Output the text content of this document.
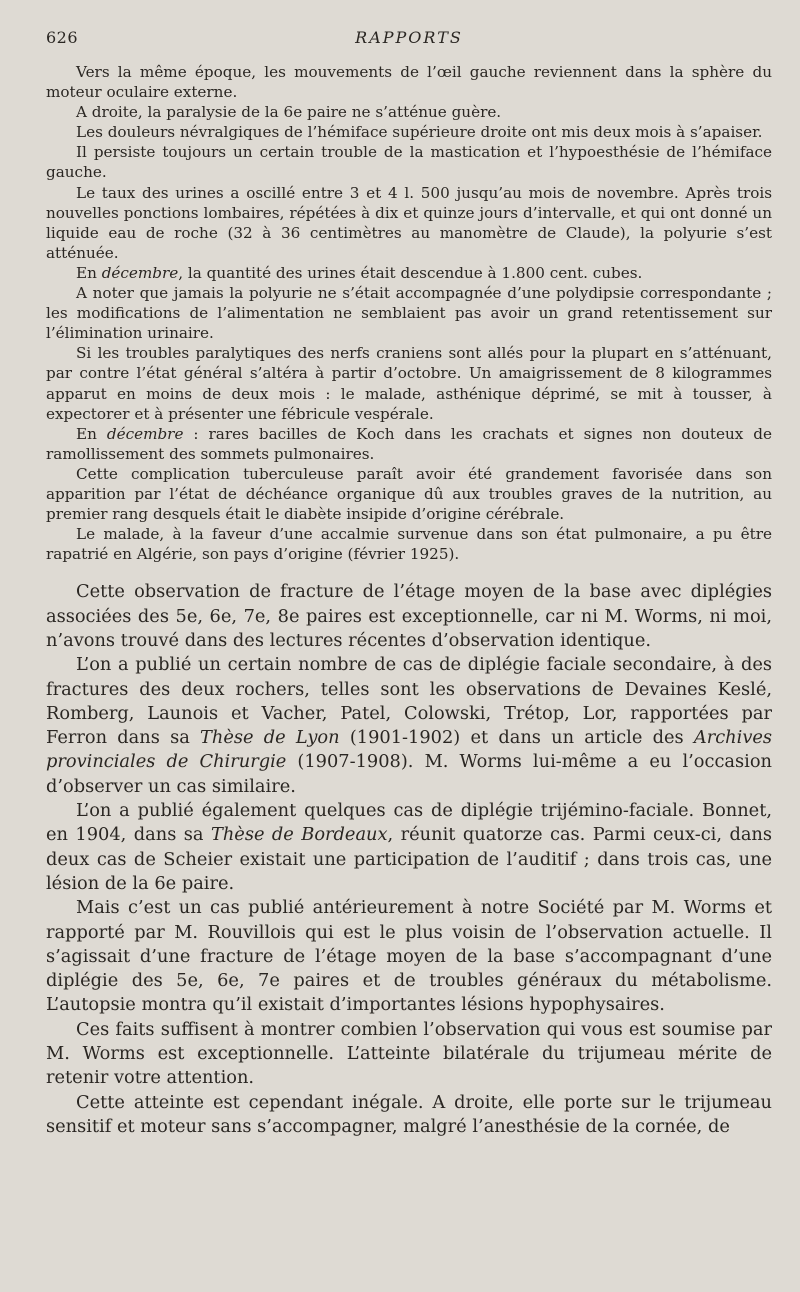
626	RAPPORTS

Vers la même époque, les mouvements de l’œil gauche reviennent dans la sphère du moteur oculaire externe.

A droite, la paralysie de la 6e paire ne s’atténue guère.

Les douleurs névralgiques de l’hémiface supérieure droite ont mis deux mois à s’apaiser.

Il persiste toujours un certain trouble de la mastication et l’hypoesthésie de l’hémiface gauche.

Le taux des urines a oscillé entre 3 et 4 l. 500 jusqu’au mois de novembre. Après trois nouvelles ponctions lombaires, répétées à dix et quinze jours d’intervalle, et qui ont donné un liquide eau de roche (32 à 36 centimètres au manomètre de Claude), la polyurie s’est atténuée.

En décembre, la quantité des urines était descendue à 1.800 cent. cubes.

A noter que jamais la polyurie ne s’était accompagnée d’une polydipsie correspondante ; les modifications de l’alimentation ne semblaient pas avoir un grand retentissement sur l’élimination urinaire.

Si les troubles paralytiques des nerfs craniens sont allés pour la plupart en s’atténuant, par contre l’état général s’altéra à partir d’octobre. Un amaigrissement de 8 kilogrammes apparut en moins de deux mois : le malade, asthénique déprimé, se mit à tousser, à expectorer et à présenter une fébricule vespérale.

En décembre : rares bacilles de Koch dans les crachats et signes non douteux de ramollissement des sommets pulmonaires.

Cette complication tuberculeuse paraît avoir été grandement favorisée dans son apparition par l’état de déchéance organique dû aux troubles graves de la nutrition, au premier rang desquels était le diabète insipide d’origine cérébrale.

Le malade, à la faveur d’une accalmie survenue dans son état pulmonaire, a pu être rapatrié en Algérie, son pays d’origine (février 1925).

Cette observation de fracture de l’étage moyen de la base avec diplégies associées des 5e, 6e, 7e, 8e paires est exceptionnelle, car ni M. Worms, ni moi, n’avons trouvé dans des lectures récentes d’observation identique.

L’on a publié un certain nombre de cas de diplégie faciale secondaire, à des fractures des deux rochers, telles sont les observations de Devaines Keslé, Romberg, Launois et Vacher, Patel, Colowski, Trétop, Lor, rapportées par Ferron dans sa Thèse de Lyon (1901-1902) et dans un article des Archives provinciales de Chirurgie (1907-1908). M. Worms lui-même a eu l’occasion d’observer un cas similaire.

L’on a publié également quelques cas de diplégie trijémino-faciale. Bonnet, en 1904, dans sa Thèse de Bordeaux, réunit quatorze cas. Parmi ceux-ci, dans deux cas de Scheier existait une participation de l’auditif ; dans trois cas, une lésion de la 6e paire.

Mais c’est un cas publié antérieurement à notre Société par M. Worms et rapporté par M. Rouvillois qui est le plus voisin de l’observation actuelle. Il s’agissait d’une fracture de l’étage moyen de la base s’accompagnant d’une diplégie des 5e, 6e, 7e paires et de troubles généraux du métabolisme. L’autopsie montra qu’il existait d’importantes lésions hypophysaires.

Ces faits suffisent à montrer combien l’observation qui vous est soumise par M. Worms est exceptionnelle. L’atteinte bilatérale du trijumeau mérite de retenir votre attention.

Cette atteinte est cependant inégale. A droite, elle porte sur le trijumeau sensitif et moteur sans s’accompagner, malgré l’anesthésie de la cornée, de
